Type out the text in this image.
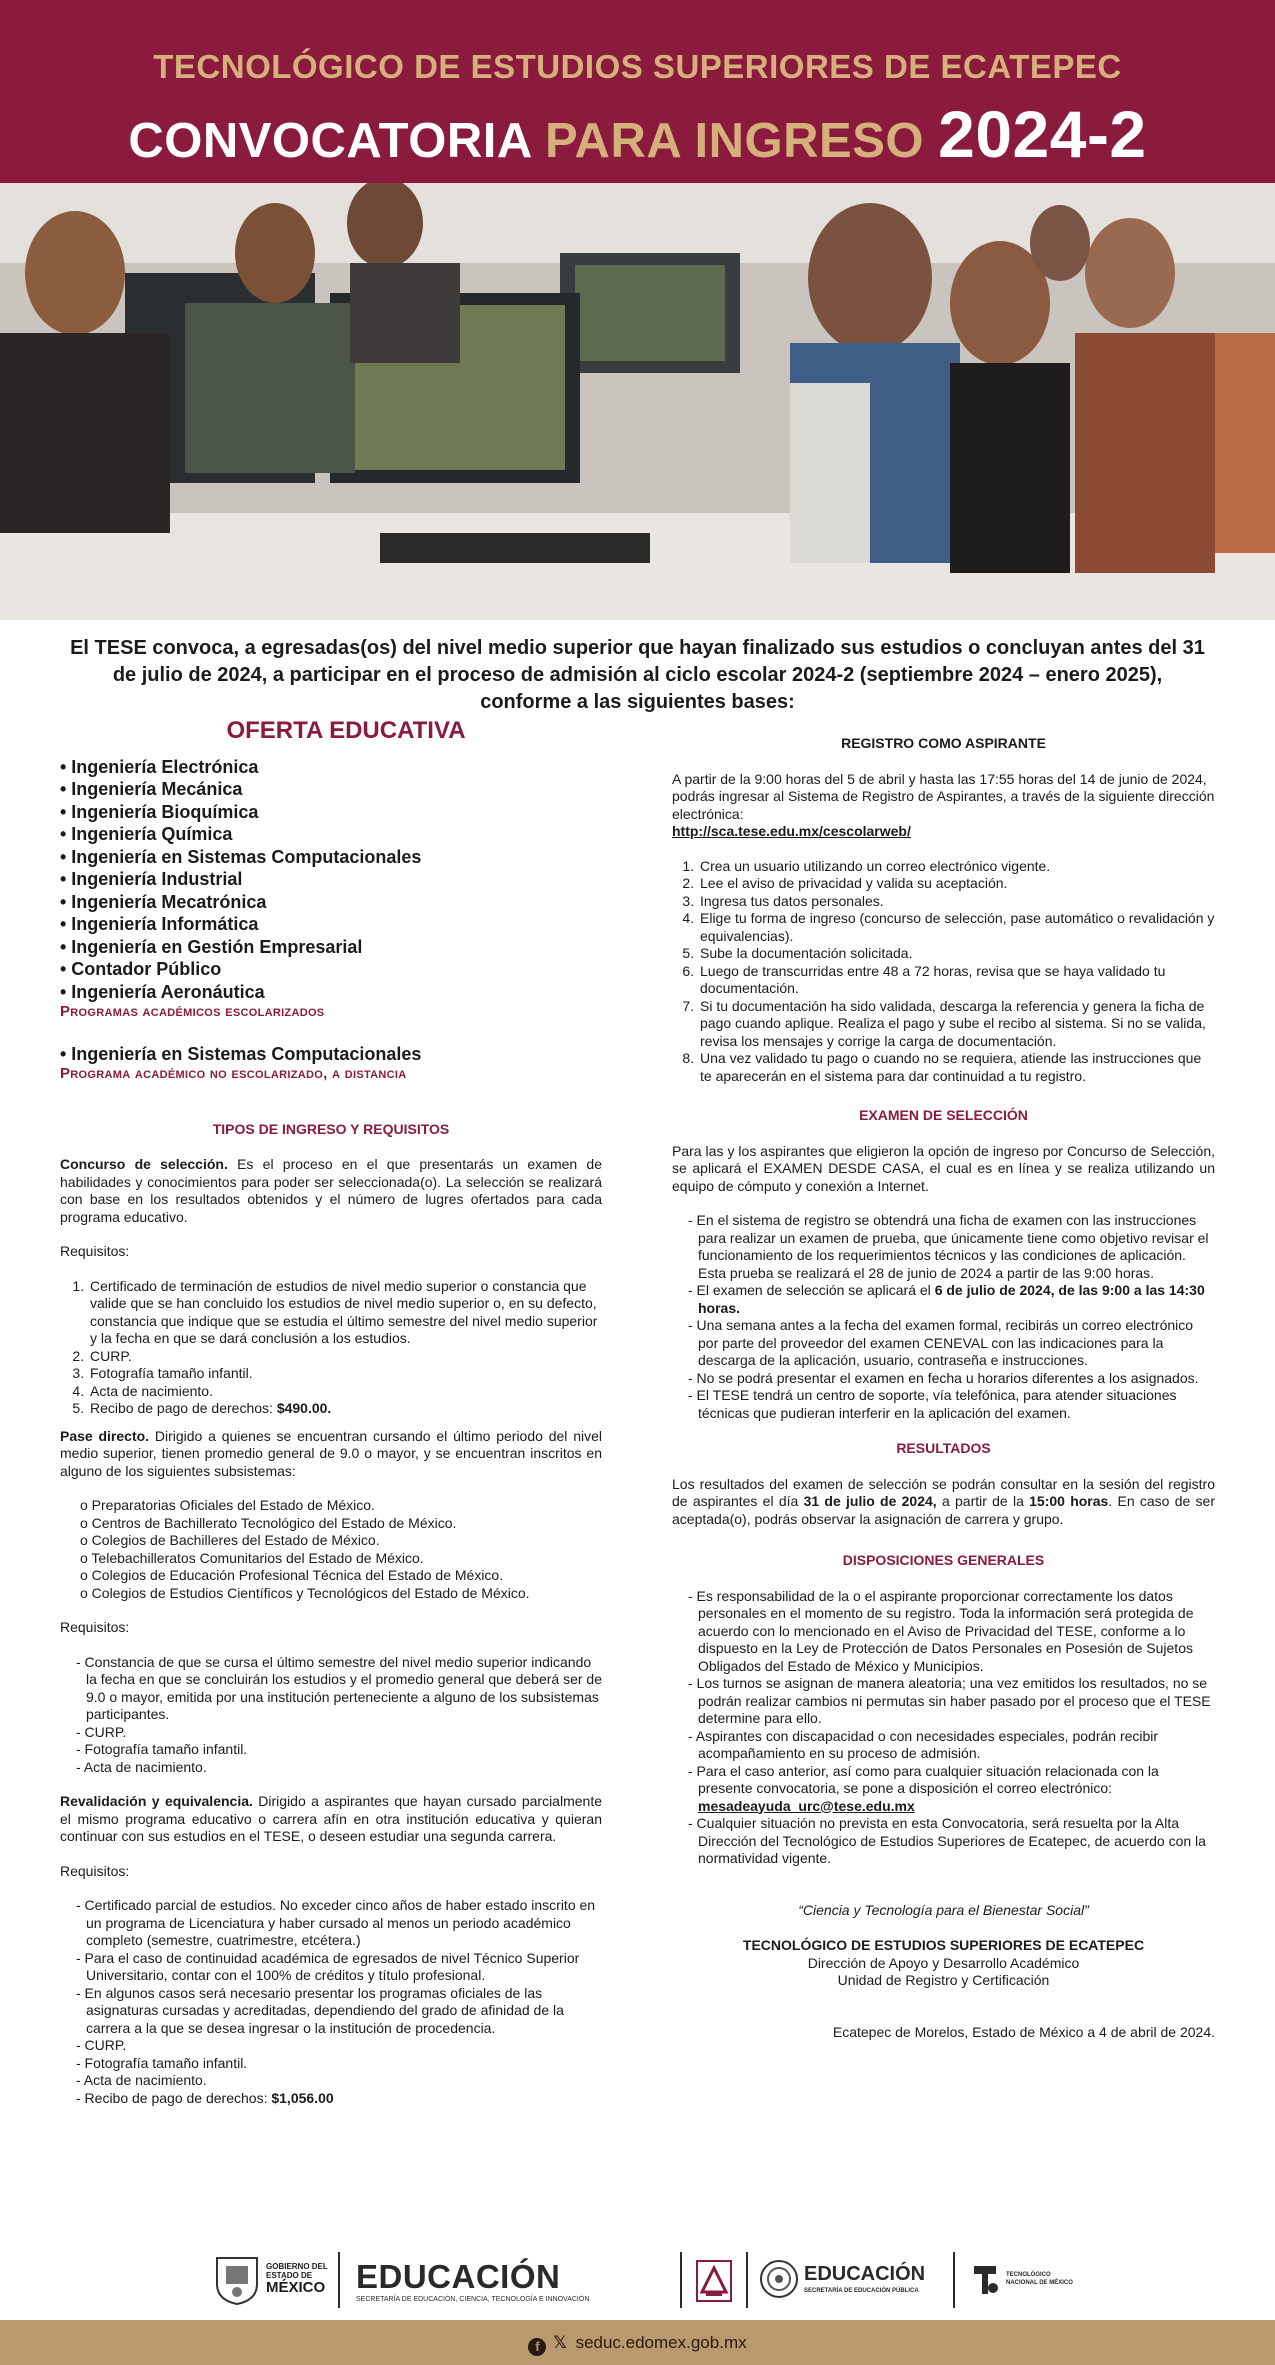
TECNOLÓGICO DE ESTUDIOS SUPERIORES DE ECATEPEC
CONVOCATORIA PARA INGRESO 2024-2
El TESE convoca, a egresadas(os) del nivel medio superior que hayan finalizado sus estudios o concluyan antes del 31 de julio de 2024, a participar en el proceso de admisión al ciclo escolar 2024-2 (septiembre 2024 – enero 2025), conforme a las siguientes bases:
OFERTA EDUCATIVA
• Ingeniería Electrónica
• Ingeniería Mecánica
• Ingeniería Bioquímica
• Ingeniería Química
• Ingeniería en Sistemas Computacionales
• Ingeniería Industrial
• Ingeniería Mecatrónica
• Ingeniería Informática
• Ingeniería en Gestión Empresarial
• Contador Público
• Ingeniería Aeronáutica
Programas académicos escolarizados
• Ingeniería en Sistemas Computacionales
Programa académico no escolarizado, a distancia
TIPOS DE INGRESO Y REQUISITOS

Concurso de selección. Es el proceso en el que presentarás un examen de habilidades y conocimientos para poder ser seleccionada(o). La selección se realizará con base en los resultados obtenidos y el número de lugres ofertados para cada programa educativo.

Requisitos:

1. Certificado de terminación de estudios de nivel medio superior o constancia que valide que se han concluido los estudios de nivel medio superior o, en su defecto, constancia que indique que se estudia el último semestre del nivel medio superior y la fecha en que se dará conclusión a los estudios.
2. CURP.
3. Fotografía tamaño infantil.
4. Acta de nacimiento.
5. Recibo de pago de derechos: $490.00.

Pase directo. Dirigido a quienes se encuentran cursando el último periodo del nivel medio superior, tienen promedio general de 9.0 o mayor, y se encuentran inscritos en alguno de los siguientes subsistemas:

o Preparatorias Oficiales del Estado de México.
o Centros de Bachillerato Tecnológico del Estado de México.
o Colegios de Bachilleres del Estado de México.
o Telebachilleratos Comunitarios del Estado de México.
o Colegios de Educación Profesional Técnica del Estado de México.
o Colegios de Estudios Científicos y Tecnológicos del Estado de México.

Requisitos:

- Constancia de que se cursa el último semestre del nivel medio superior indicando la fecha en que se concluirán los estudios y el promedio general que deberá ser de 9.0 o mayor, emitida por una institución perteneciente a alguno de los subsistemas participantes.
- CURP.
- Fotografía tamaño infantil.
- Acta de nacimiento.

Revalidación y equivalencia. Dirigido a aspirantes que hayan cursado parcialmente el mismo programa educativo o carrera afín en otra institución educativa y quieran continuar con sus estudios en el TESE, o deseen estudiar una segunda carrera.

Requisitos:

- Certificado parcial de estudios. No exceder cinco años de haber estado inscrito en un programa de Licenciatura y haber cursado al menos un periodo académico completo (semestre, cuatrimestre, etcétera.)
- Para el caso de continuidad académica de egresados de nivel Técnico Superior Universitario, contar con el 100% de créditos y título profesional.
- En algunos casos será necesario presentar los programas oficiales de las asignaturas cursadas y acreditadas, dependiendo del grado de afinidad de la carrera a la que se desea ingresar o la institución de procedencia.
- CURP.
- Fotografía tamaño infantil.
- Acta de nacimiento.
- Recibo de pago de derechos: $1,056.00
REGISTRO COMO ASPIRANTE

A partir de la 9:00 horas del 5 de abril y hasta las 17:55 horas del 14 de junio de 2024, podrás ingresar al Sistema de Registro de Aspirantes, a través de la siguiente dirección electrónica:

http://sca.tese.edu.mx/cescolarweb/

1. Crea un usuario utilizando un correo electrónico vigente.
2. Lee el aviso de privacidad y valida su aceptación.
3. Ingresa tus datos personales.
4. Elige tu forma de ingreso (concurso de selección, pase automático o revalidación y equivalencias).
5. Sube la documentación solicitada.
6. Luego de transcurridas entre 48 a 72 horas, revisa que se haya validado tu documentación.
7. Si tu documentación ha sido validada, descarga la referencia y genera la ficha de pago cuando aplique. Realiza el pago y sube el recibo al sistema. Si no se valida, revisa los mensajes y corrige la carga de documentación.
8. Una vez validado tu pago o cuando no se requiera, atiende las instrucciones que te aparecerán en el sistema para dar continuidad a tu registro.
EXAMEN DE SELECCIÓN

Para las y los aspirantes que eligieron la opción de ingreso por Concurso de Selección, se aplicará el EXAMEN DESDE CASA, el cual es en línea y se realiza utilizando un equipo de cómputo y conexión a Internet.

- En el sistema de registro se obtendrá una ficha de examen con las instrucciones para realizar un examen de prueba, que únicamente tiene como objetivo revisar el funcionamiento de los requerimientos técnicos y las condiciones de aplicación. Esta prueba se realizará el 28 de junio de 2024 a partir de las 9:00 horas.
- El examen de selección se aplicará el 6 de julio de 2024, de las 9:00 a las 14:30 horas.
- Una semana antes a la fecha del examen formal, recibirás un correo electrónico por parte del proveedor del examen CENEVAL con las indicaciones para la descarga de la aplicación, usuario, contraseña e instrucciones.
- No se podrá presentar el examen en fecha u horarios diferentes a los asignados.
- El TESE tendrá un centro de soporte, vía telefónica, para atender situaciones técnicas que pudieran interferir en la aplicación del examen.
RESULTADOS

Los resultados del examen de selección se podrán consultar en la sesión del registro de aspirantes el día 31 de julio de 2024, a partir de la 15:00 horas. En caso de ser aceptada(o), podrás observar la asignación de carrera y grupo.

DISPOSICIONES GENERALES
- Es responsabilidad de la o el aspirante proporcionar correctamente los datos personales en el momento de su registro. Toda la información será protegida de acuerdo con lo mencionado en el Aviso de Privacidad del TESE, conforme a lo dispuesto en la Ley de Protección de Datos Personales en Posesión de Sujetos Obligados del Estado de México y Municipios.
- Los turnos se asignan de manera aleatoria; una vez emitidos los resultados, no se podrán realizar cambios ni permutas sin haber pasado por el proceso que el TESE determine para ello.
- Aspirantes con discapacidad o con necesidades especiales, podrán recibir acompañamiento en su proceso de admisión.
- Para el caso anterior, así como para cualquier situación relacionada con la presente convocatoria, se pone a disposición el correo electrónico: mesadeayuda_urc@tese.edu.mx
- Cualquier situación no prevista en esta Convocatoria, será resuelta por la Alta Dirección del Tecnológico de Estudios Superiores de Ecatepec, de acuerdo con la normatividad vigente.

“Ciencia y Tecnología para el Bienestar Social”

TECNOLÓGICO DE ESTUDIOS SUPERIORES DE ECATEPEC

Dirección de Apoyo y Desarrollo Académico

Unidad de Registro y Certificación

Ecatepec de Morelos, Estado de México a 4 de abril de 2024.

GOBIERNO DEL
ESTADO DE
MÉXICO EDUCACIÓN
SECRETARÍA DE EDUCACIÓN, CIENCIA, TECNOLOGÍA E INNOVACIÓN
EDUCACIÓN
SECRETARÍA DE EDUCACIÓN PÚBLICA
TECNOLÓGICO
NACIONAL DE MÉXICO
f 𝕏 seduc.edomex.gob.mx
